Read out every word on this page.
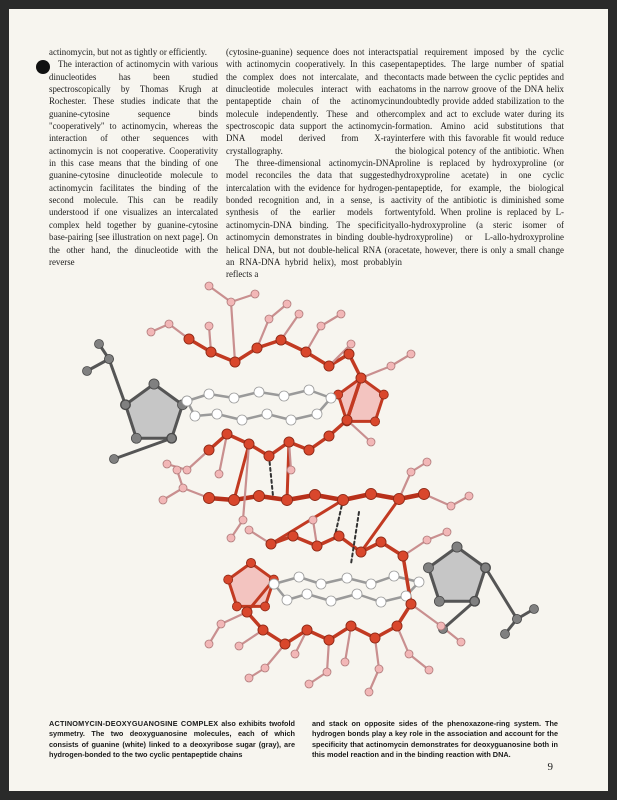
actinomycin, but not as tightly or efficiently.

The interaction of actinomycin with various dinucleotides has been studied spectroscopically by Thomas Krugh at Rochester. These studies indicate that the guanine-cytosine sequence binds "cooperatively" to actinomycin, whereas the interaction of other sequences with actinomycin is not cooperative. Cooperativity in this case means that the binding of one guanine-cytosine dinucleotide molecule to actinomycin facilitates the binding of the second molecule. This can be readily understood if one visualizes an intercalated complex held together by guanine-cytosine base-pairing [see illustration on next page]. On the other hand, the dinucleotide with the reverse

(cytosine-guanine) sequence does not interact with actinomycin cooperatively. In this case the complex does not intercalate, and the dinucleotide molecules interact with each pentapeptide chain of the actinomycin molecule independently. These and other spectroscopic data support the actinomycin-DNA model derived from X-ray crystallography.

The three-dimensional actinomycin-DNA model reconciles the data that suggested intercalation with the evidence for hydrogen-bonded recognition and, in a sense, is a synthesis of the earlier models for actinomycin-DNA binding. The specificity actinomycin demonstrates in binding double-helical DNA, but not double-helical RNA (or an RNA-DNA hybrid helix), most probably reflects a

spatial requirement imposed by the cyclic pentapeptides. The large number of spatial contacts made between the cyclic peptides and atoms in the narrow groove of the DNA helix undoubtedly provide added stabilization to the complex and act to exclude water during its formation. Amino acid substitutions that interfere with this favorable fit would reduce the biological potency of the antibiotic. When proline is replaced by hydroxyproline (or hydroxyproline acetate) in one cyclic pentapeptide, for example, the biological activity of the antibiotic is diminished some twentyfold. When proline is replaced by L-allo-hydroxyproline (a steric isomer of hydroxyproline) or L-allo-hydroxyproline acetate, however, there is only a small change in

ACTINOMYCIN-DEOXYGUANOSINE COMPLEX also exhibits twofold symmetry. The two deoxyguanosine molecules, each of which consists of guanine (white) linked to a deoxyribose sugar (gray), are hydrogen-bonded to the two cyclic pentapeptide chains
and stack on opposite sides of the phenoxazone-ring system. The hydrogen bonds play a key role in the association and account for the specificity that actinomycin demonstrates for deoxyguanosine both in this model reaction and in the binding reaction with DNA.
9
